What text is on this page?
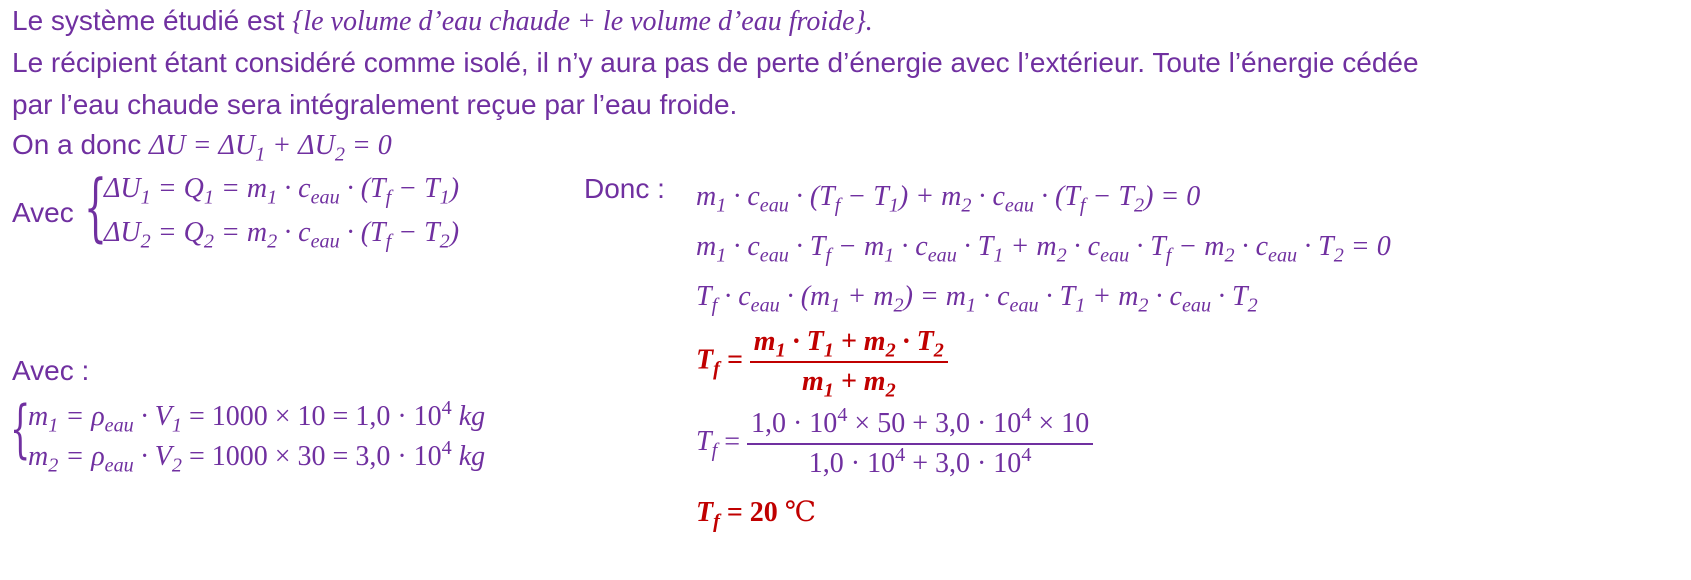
Le système étudié est {le volume d’eau chaude + le volume d’eau froide}.
Le récipient étant considéré comme isolé, il n’y aura pas de perte d’énergie avec l’extérieur. Toute l’énergie cédée
par l’eau chaude sera intégralement reçue par l’eau froide.
On a donc $\Delta U = \Delta U_1 + \Delta U_2 = 0$
Avec {
$\Delta U_1 = Q_1 = m_1 \cdot c_{eau} \cdot (T_f - T_1)$
$\Delta U_2 = Q_2 = m_2 \cdot c_{eau} \cdot (T_f - T_2)$
Donc : $m_1 \cdot c_{eau} \cdot (T_f - T_1) + m_2 \cdot c_{eau} \cdot (T_f - T_2) = 0$
$m_1 \cdot c_{eau} \cdot T_f - m_1 \cdot c_{eau} \cdot T_1 + m_2 \cdot c_{eau} \cdot T_f - m_2 \cdot c_{eau} \cdot T_2 = 0$
$T_f \cdot c_{eau} \cdot (m_1 + m_2) = m_1 \cdot c_{eau} \cdot T_1 + m_2 \cdot c_{eau} \cdot T_2$
$T_f = \frac{m_1 \cdot T_1 + m_2 \cdot T_2}{m_1 + m_2}$
Avec :
{
$m_1 = \rho_{eau} \cdot V_1 = 1000 \times 10 = 1,0 \cdot 10^4$ kg
$m_2 = \rho_{eau} \cdot V_2 = 1000 \times 30 = 3,0 \cdot 10^4$ kg	$T_f = \frac{1,0 \cdot 10^4 \times 50 + 3,0 \cdot 10^4 \times 10}{1,0 \cdot 10^4 + 3,0 \cdot 10^4}$
$T_f = 20$ ℃
